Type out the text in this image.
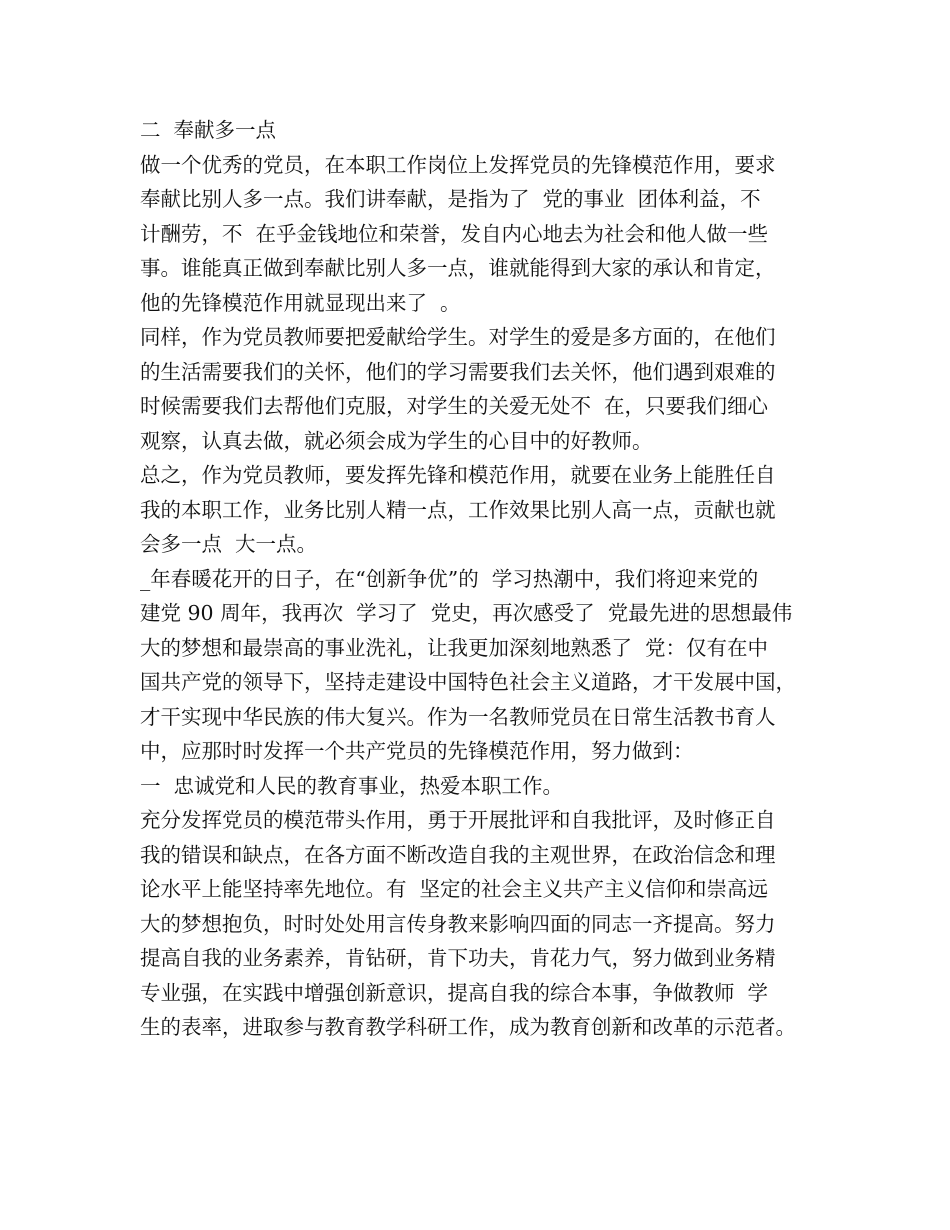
二  奉献多一点
做一个优秀的党员，在本职工作岗位上发挥党员的先锋模范作用，要求
奉献比别人多一点。我们讲奉献，是指为了  党的事业  团体利益，不
计酬劳，不  在乎金钱地位和荣誉，发自内心地去为社会和他人做一些
事。谁能真正做到奉献比别人多一点，谁就能得到大家的承认和肯定，
他的先锋模范作用就显现出来了  。
同样，作为党员教师要把爱献给学生。对学生的爱是多方面的，在他们
的生活需要我们的关怀，他们的学习需要我们去关怀，他们遇到艰难的
时候需要我们去帮他们克服，对学生的关爱无处不  在，只要我们细心
观察，认真去做，就必须会成为学生的心目中的好教师。
总之，作为党员教师，要发挥先锋和模范作用，就要在业务上能胜任自
我的本职工作，业务比别人精一点，工作效果比别人高一点，贡献也就
会多一点  大一点。
_年春暖花开的日子，在“创新争优”的  学习热潮中，我们将迎来党的
建党 90 周年，我再次  学习了  党史，再次感受了  党最先进的思想最伟
大的梦想和最崇高的事业洗礼，让我更加深刻地熟悉了  党：仅有在中
国共产党的领导下，坚持走建设中国特色社会主义道路，才干发展中国，
才干实现中华民族的伟大复兴。作为一名教师党员在日常生活教书育人
中，应那时时发挥一个共产党员的先锋模范作用，努力做到：
一  忠诚党和人民的教育事业，热爱本职工作。
充分发挥党员的模范带头作用，勇于开展批评和自我批评，及时修正自
我的错误和缺点，在各方面不断改造自我的主观世界，在政治信念和理
论水平上能坚持率先地位。有  坚定的社会主义共产主义信仰和崇高远
大的梦想抱负，时时处处用言传身教来影响四面的同志一齐提高。努力
提高自我的业务素养，肯钻研，肯下功夫，肯花力气，努力做到业务精
专业强，在实践中增强创新意识，提高自我的综合本事，争做教师  学
生的表率，进取参与教育教学科研工作，成为教育创新和改革的示范者。
